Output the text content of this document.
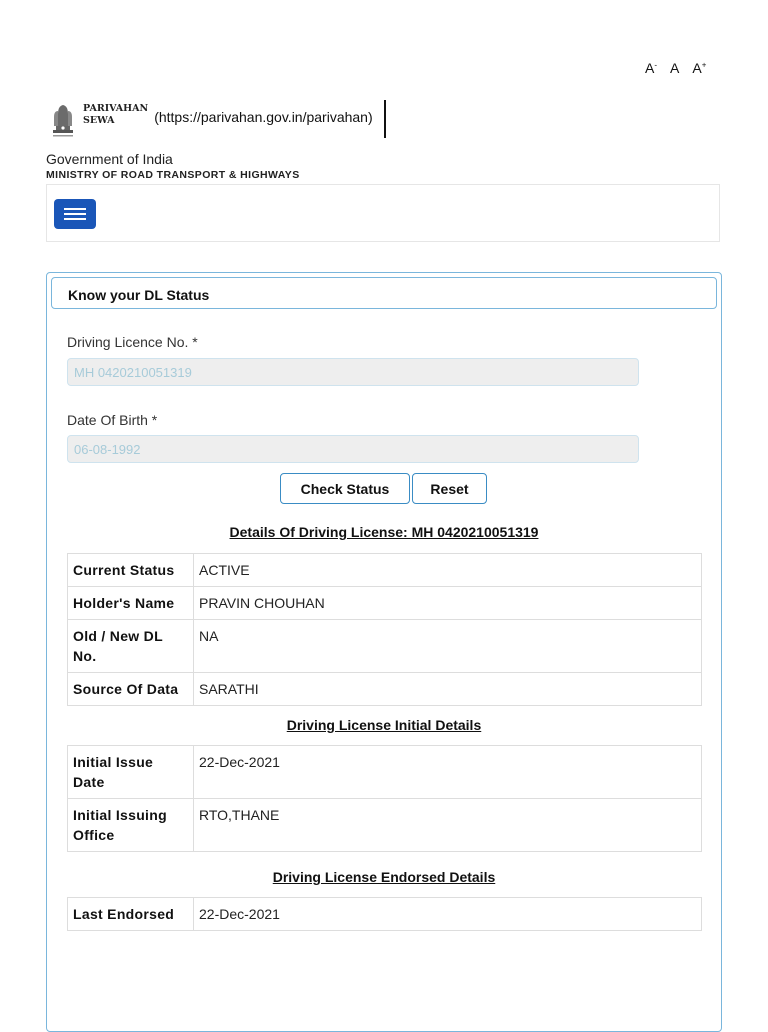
A- A A+
PARIVAHAN
SEWA	(https://parivahan.gov.in/parivahan)
Government of India
MINISTRY OF ROAD TRANSPORT & HIGHWAYS
Know your DL Status
Driving Licence No. *
MH 0420210051319
Date Of Birth *
06-08-1992
Check Status	Reset
Details Of Driving License: MH 0420210051319
Current Status	ACTIVE
Holder's Name	PRAVIN CHOUHAN
Old / New DL No.	NA
Source Of Data	SARATHI
Driving License Initial Details
Initial Issue Date	22-Dec-2021
Initial Issuing Office	RTO,THANE
Driving License Endorsed Details
Last Endorsed	22-Dec-2021
